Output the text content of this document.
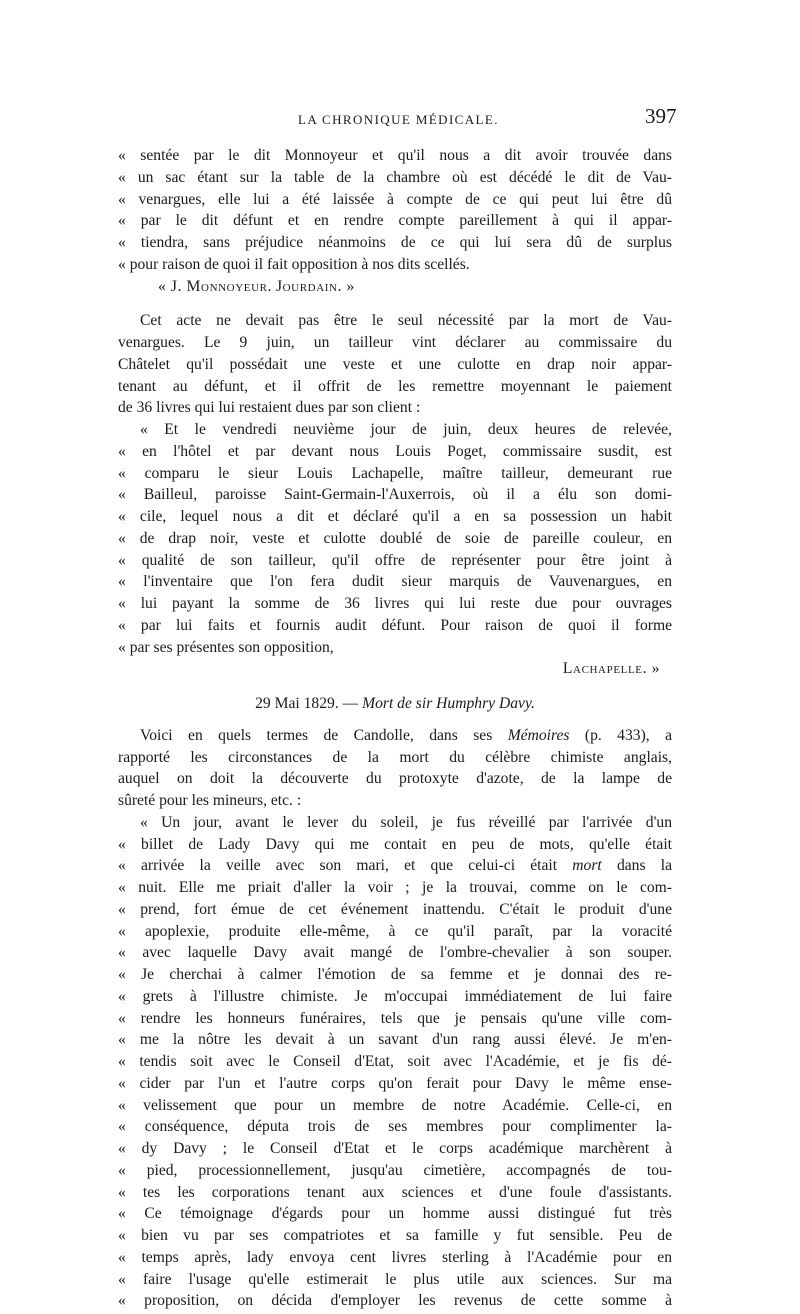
LA CHRONIQUE MÉDICALE.	397
« sentée par le dit Monnoyeur et qu'il nous a dit avoir trouvée dans
« un sac étant sur la table de la chambre où est décédé le dit de Vau-
« venargues, elle lui a été laissée à compte de ce qui peut lui être dû
« par le dit défunt et en rendre compte pareillement à qui il appar-
« tiendra, sans préjudice néanmoins de ce qui lui sera dû de surplus
« pour raison de quoi il fait opposition à nos dits scellés.
« J. Monnoyeur. Jourdain. »
Cet acte ne devait pas être le seul nécessité par la mort de Vau-
venargues. Le 9 juin, un tailleur vint déclarer au commissaire du
Châtelet qu'il possédait une veste et une culotte en drap noir appar-
tenant au défunt, et il offrit de les remettre moyennant le paiement
de 36 livres qui lui restaient dues par son client :
« Et le vendredi neuvième jour de juin, deux heures de relevée,
« en l'hôtel et par devant nous Louis Poget, commissaire susdit, est
« comparu le sieur Louis Lachapelle, maître tailleur, demeurant rue
« Bailleul, paroisse Saint-Germain-l'Auxerrois, où il a élu son domi-
« cile, lequel nous a dit et déclaré qu'il a en sa possession un habit
« de drap noir, veste et culotte doublé de soie de pareille couleur, en
« qualité de son tailleur, qu'il offre de représenter pour être joint à
« l'inventaire que l'on fera dudit sieur marquis de Vauvenargues, en
« lui payant la somme de 36 livres qui lui reste due pour ouvrages
« par lui faits et fournis audit défunt. Pour raison de quoi il forme
« par ses présentes son opposition,
Lachapelle. »
29 Mai 1829. — Mort de sir Humphry Davy.
Voici en quels termes de Candolle, dans ses Mémoires (p. 433), a
rapporté les circonstances de la mort du célèbre chimiste anglais,
auquel on doit la découverte du protoxyte d'azote, de la lampe de
sûreté pour les mineurs, etc. :
« Un jour, avant le lever du soleil, je fus réveillé par l'arrivée d'un
« billet de Lady Davy qui me contait en peu de mots, qu'elle était
« arrivée la veille avec son mari, et que celui-ci était mort dans la
« nuit. Elle me priait d'aller la voir ; je la trouvai, comme on le com-
« prend, fort émue de cet événement inattendu. C'était le produit d'une
« apoplexie, produite elle-même, à ce qu'il paraît, par la voracité
« avec laquelle Davy avait mangé de l'ombre-chevalier à son souper.
« Je cherchai à calmer l'émotion de sa femme et je donnai des re-
« grets à l'illustre chimiste. Je m'occupai immédiatement de lui faire
« rendre les honneurs funéraires, tels que je pensais qu'une ville com-
« me la nôtre les devait à un savant d'un rang aussi élevé. Je m'en-
« tendis soit avec le Conseil d'Etat, soit avec l'Académie, et je fis dé-
« cider par l'un et l'autre corps qu'on ferait pour Davy le même ense-
« velissement que pour un membre de notre Académie. Celle-ci, en
« conséquence, députa trois de ses membres pour complimenter la-
« dy Davy ; le Conseil d'Etat et le corps académique marchèrent à
« pied, processionnellement, jusqu'au cimetière, accompagnés de tou-
« tes les corporations tenant aux sciences et d'une foule d'assistants.
« Ce témoignage d'égards pour un homme aussi distingué fut très
« bien vu par ses compatriotes et sa famille y fut sensible. Peu de
« temps après, lady envoya cent livres sterling à l'Académie pour en
« faire l'usage qu'elle estimerait le plus utile aux sciences. Sur ma
« proposition, on décida d'employer les revenus de cette somme à
